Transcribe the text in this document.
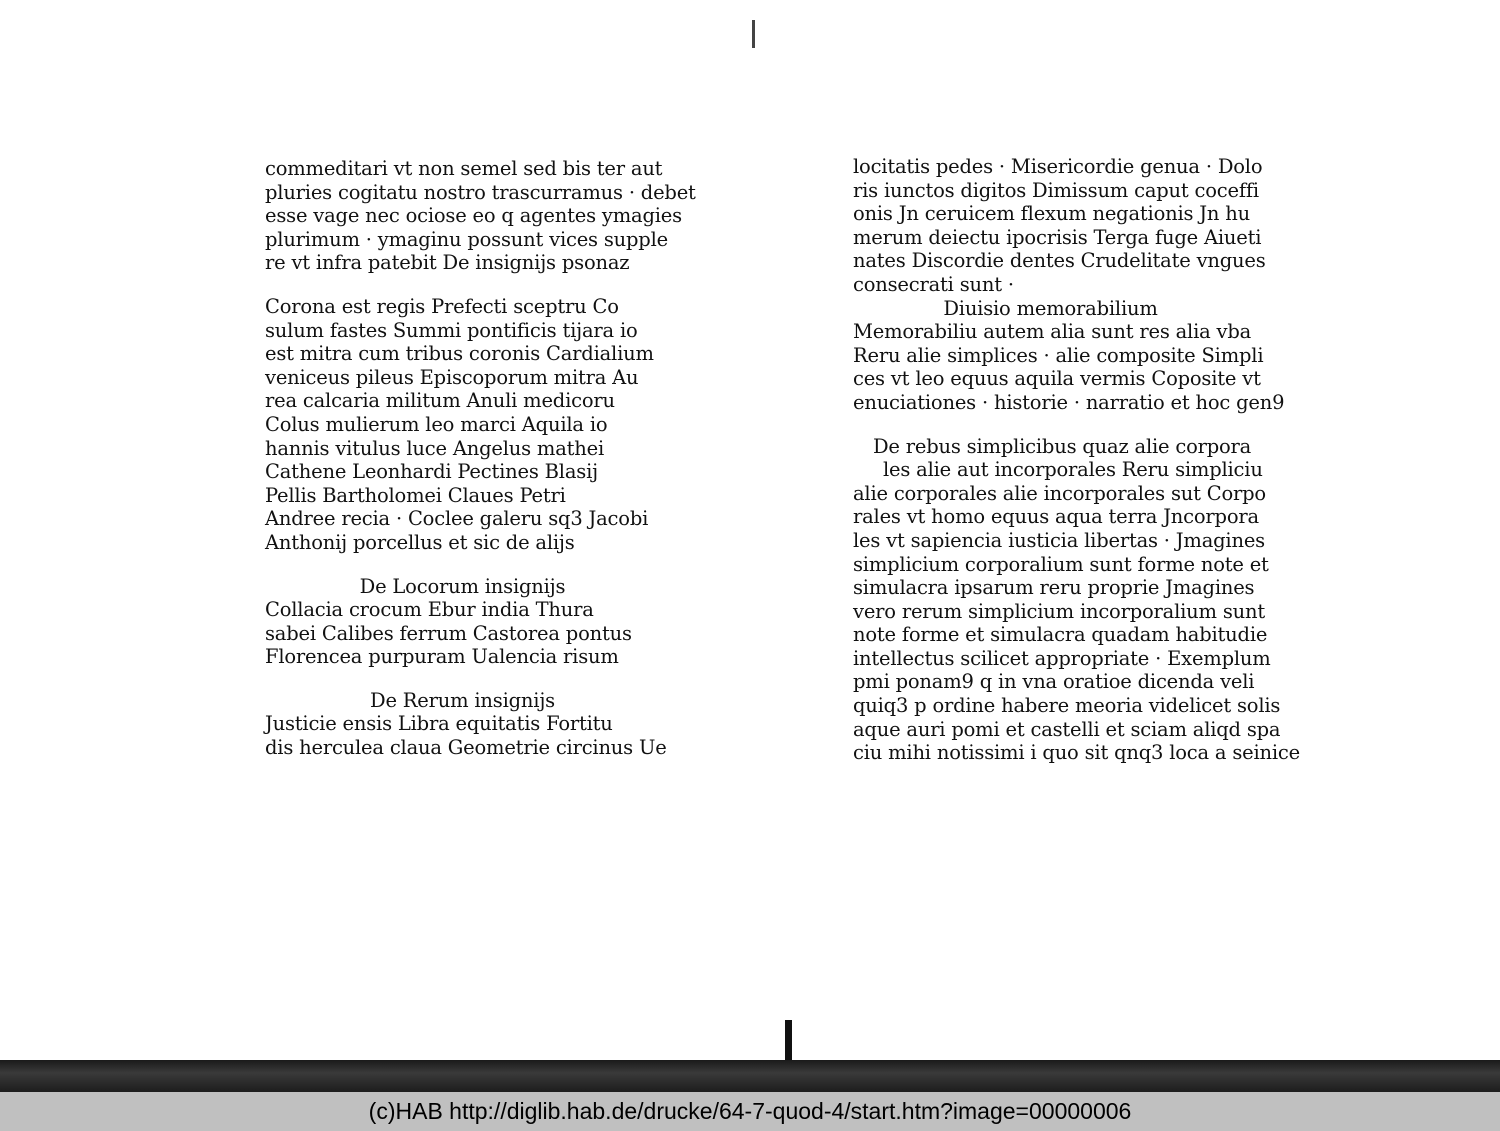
commeditari vt non semel sed bis ter aut
pluries cogitatu nostro trascurramus · debet
esse vage nec ociose eo q agentes ymagies
plurimum · ymaginu possunt vices supple
re vt infra patebit De insignijs psonaz
Corona est regis Prefecti sceptru Co
sulum fastes Summi pontificis tijara io
est mitra cum tribus coronis Cardialium
veniceus pileus Episcoporum mitra Au
rea calcaria militum Anuli medicoru
Colus mulierum leo marci Aquila io
hannis vitulus luce Angelus mathei
Cathene Leonhardi Pectines Blasij
Pellis Bartholomei Claues Petri
Andree recia · Coclee galeru sq3 Jacobi
Anthonij porcellus et sic de alijs
De Locorum insignijs
Collacia crocum Ebur india Thura
sabei Calibes ferrum Castorea pontus
Florencea purpuram Ualencia risum
De Rerum insignijs
Justicie ensis Libra equitatis Fortitu
dis herculea claua Geometrie circinus Ue
locitatis pedes · Misericordie genua · Dolo
ris iunctos digitos Dimissum caput coceffi
onis Jn ceruicem flexum negationis Jn hu
merum deiectu ipocrisis Terga fuge Aiueti
nates Discordie dentes Crudelitate vngues
consecrati sunt ·
Diuisio memorabilium
Memorabiliu autem alia sunt res alia vba
Reru alie simplices · alie composite Simpli
ces vt leo equus aquila vermis Coposite vt
enuciationes · historie · narratio et hoc gen9
De rebus simplicibus quaz alie corpora
les alie aut incorporales Reru simpliciu
alie corporales alie incorporales sut Corpo
rales vt homo equus aqua terra Jncorpora
les vt sapiencia iusticia libertas · Jmagines
simplicium corporalium sunt forme note et
simulacra ipsarum reru proprie Jmagines
vero rerum simplicium incorporalium sunt
note forme et simulacra quadam habitudie
intellectus scilicet appropriate · Exemplum
pmi ponam9 q in vna oratioe dicenda veli
quiq3 p ordine habere meoria videlicet solis
aque auri pomi et castelli et sciam aliqd spa
ciu mihi notissimi i quo sit qnq3 loca a seinice
(c)HAB http://diglib.hab.de/drucke/64-7-quod-4/start.htm?image=00000006
